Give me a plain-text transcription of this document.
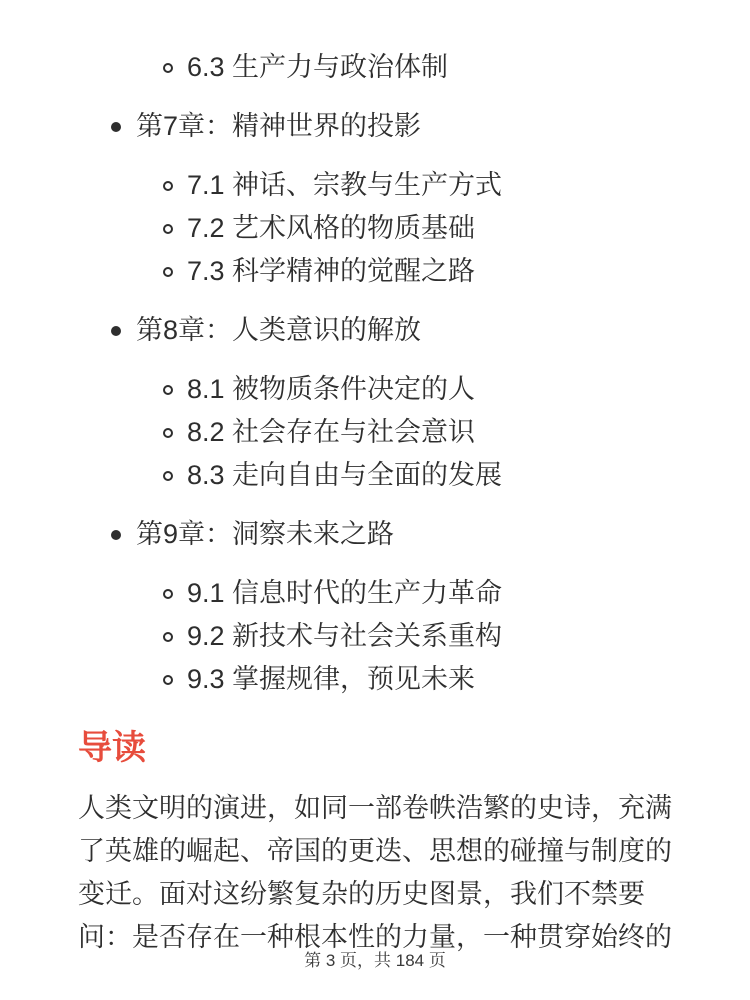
6.3 生产力与政治体制
第7章：精神世界的投影
7.1 神话、宗教与生产方式
7.2 艺术风格的物质基础
7.3 科学精神的觉醒之路
第8章：人类意识的解放
8.1 被物质条件决定的人
8.2 社会存在与社会意识
8.3 走向自由与全面的发展
第9章：洞察未来之路
9.1 信息时代的生产力革命
9.2 新技术与社会关系重构
9.3 掌握规律，预见未来
导读
人类文明的演进，如同一部卷帙浩繁的史诗，充满
了英雄的崛起、帝国的更迭、思想的碰撞与制度的
变迁。面对这纷繁复杂的历史图景，我们不禁要
问：是否存在一种根本性的力量，一种贯穿始终的
第 3 页，共 184 页
